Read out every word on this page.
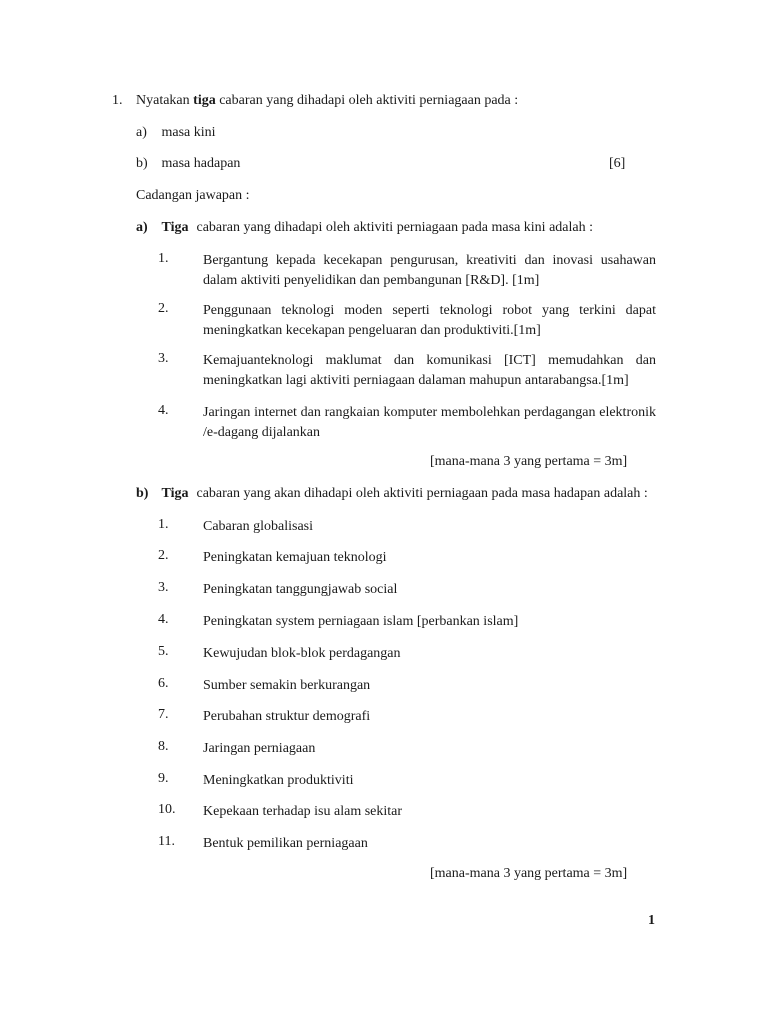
1. Nyatakan tiga cabaran yang dihadapi oleh aktiviti perniagaan pada :
a) masa kini
b) masa hadapan	[6]
Cadangan jawapan :
a) Tiga cabaran yang dihadapi oleh aktiviti perniagaan pada masa kini adalah :
1. Bergantung kepada kecekapan pengurusan, kreativiti dan inovasi usahawan dalam aktiviti penyelidikan dan pembangunan [R&D]. [1m]
2. Penggunaan teknologi moden seperti teknologi robot yang terkini dapat meningkatkan kecekapan pengeluaran dan produktiviti.[1m]
3. Kemajuanteknologi maklumat dan komunikasi [ICT] memudahkan dan meningkatkan lagi aktiviti perniagaan dalaman mahupun antarabangsa.[1m]
4. Jaringan internet dan rangkaian komputer membolehkan perdagangan elektronik /e-dagang dijalankan
[mana-mana 3 yang pertama = 3m]
b) Tiga cabaran yang akan dihadapi oleh aktiviti perniagaan pada masa hadapan adalah :
1. Cabaran globalisasi
2. Peningkatan kemajuan teknologi
3. Peningkatan tanggungjawab social
4. Peningkatan system perniagaan islam [perbankan islam]
5. Kewujudan blok-blok perdagangan
6. Sumber semakin berkurangan
7. Perubahan struktur demografi
8. Jaringan perniagaan
9. Meningkatkan produktiviti
10. Kepekaan terhadap isu alam sekitar
11. Bentuk pemilikan perniagaan
[mana-mana 3 yang pertama = 3m]
1
